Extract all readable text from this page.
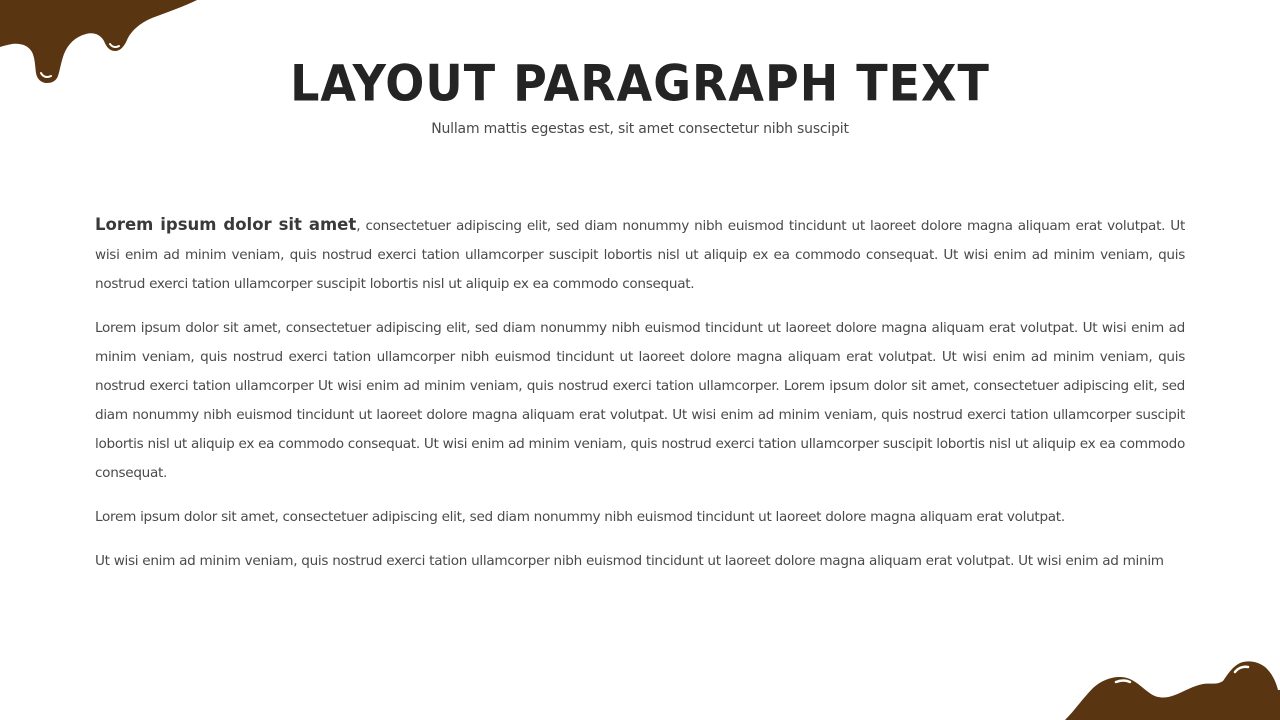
LAYOUT PARAGRAPH TEXT

Nullam mattis egestas est, sit amet consectetur nibh suscipit

Lorem ipsum dolor sit amet, consectetuer adipiscing elit, sed diam nonummy nibh euismod tincidunt ut laoreet dolore magna aliquam erat volutpat. Ut wisi enim ad minim veniam, quis nostrud exerci tation ullamcorper suscipit lobortis nisl ut aliquip ex ea commodo consequat. Ut wisi enim ad minim veniam, quis nostrud exerci tation ullamcorper suscipit lobortis nisl ut aliquip ex ea commodo consequat.

Lorem ipsum dolor sit amet, consectetuer adipiscing elit, sed diam nonummy nibh euismod tincidunt ut laoreet dolore magna aliquam erat volutpat. Ut wisi enim ad minim veniam, quis nostrud exerci tation ullamcorper nibh euismod tincidunt ut laoreet dolore magna aliquam erat volutpat. Ut wisi enim ad minim veniam, quis nostrud exerci tation ullamcorper Ut wisi enim ad minim veniam, quis nostrud exerci tation ullamcorper. Lorem ipsum dolor sit amet, consectetuer adipiscing elit, sed diam nonummy nibh euismod tincidunt ut laoreet dolore magna aliquam erat volutpat. Ut wisi enim ad minim veniam, quis nostrud exerci tation ullamcorper suscipit lobortis nisl ut aliquip ex ea commodo consequat. Ut wisi enim ad minim veniam, quis nostrud exerci tation ullamcorper suscipit lobortis nisl ut aliquip ex ea commodo consequat.

Lorem ipsum dolor sit amet, consectetuer adipiscing elit, sed diam nonummy nibh euismod tincidunt ut laoreet dolore magna aliquam erat volutpat.

Ut wisi enim ad minim veniam, quis nostrud exerci tation ullamcorper nibh euismod tincidunt ut laoreet dolore magna aliquam erat volutpat. Ut wisi enim ad minim
